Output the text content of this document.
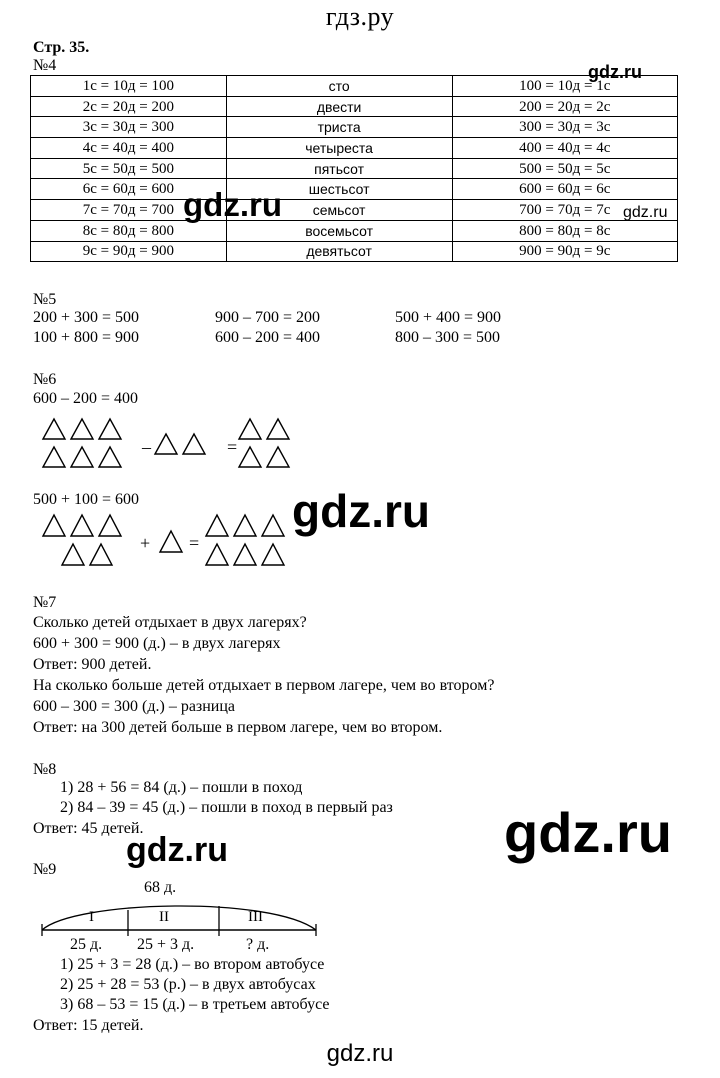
гдз.ру
Стр. 35.
№4	gdz.ru
1с = 10д = 100	сто	100 = 10д = 1с
2с = 20д = 200	двести	200 = 20д = 2с
3с = 30д = 300	триста	300 = 30д = 3с
4с = 40д = 400	четыреста	400 = 40д = 4с
5с = 50д = 500	пятьсот	500 = 50д = 5с
6с = 60д = 600	шестьсот	600 = 60д = 6с
7с = 70д = 700	семьсот	700 = 70д = 7с
8с = 80д = 800	восемьсот	800 = 80д = 8с
9с = 90д = 900	девятьсот	900 = 90д = 9с
gdz.ru	gdz.ru
№5
200 + 300 = 500	900 – 700 = 200	500 + 400 = 900
100 + 800 = 900	600 – 200 = 400	800 – 300 = 500
№6
600 – 200 = 400
–	=
500 + 100 = 600	gdz.ru
+ =
№7
Сколько детей отдыхает в двух лагерях?
600 + 300 = 900 (д.) – в двух лагерях
Ответ: 900 детей.
На сколько больше детей отдыхает в первом лагере, чем во втором?
600 – 300 = 300 (д.) – разница
Ответ: на 300 детей больше в первом лагере, чем во втором.
№8
1) 28 + 56 = 84 (д.) – пошли в поход
2) 84 – 39 = 45 (д.) – пошли в поход в первый раз
Ответ: 45 детей.	gdz.ru
gdz.ru
№9
68 д.
I	II	III
25 д. 25 + 3 д.	? д.
1) 25 + 3 = 28 (д.) – во втором автобусе
2) 25 + 28 = 53 (р.) – в двух автобусах
3) 68 – 53 = 15 (д.) – в третьем автобусе
Ответ: 15 детей.
gdz.ru
